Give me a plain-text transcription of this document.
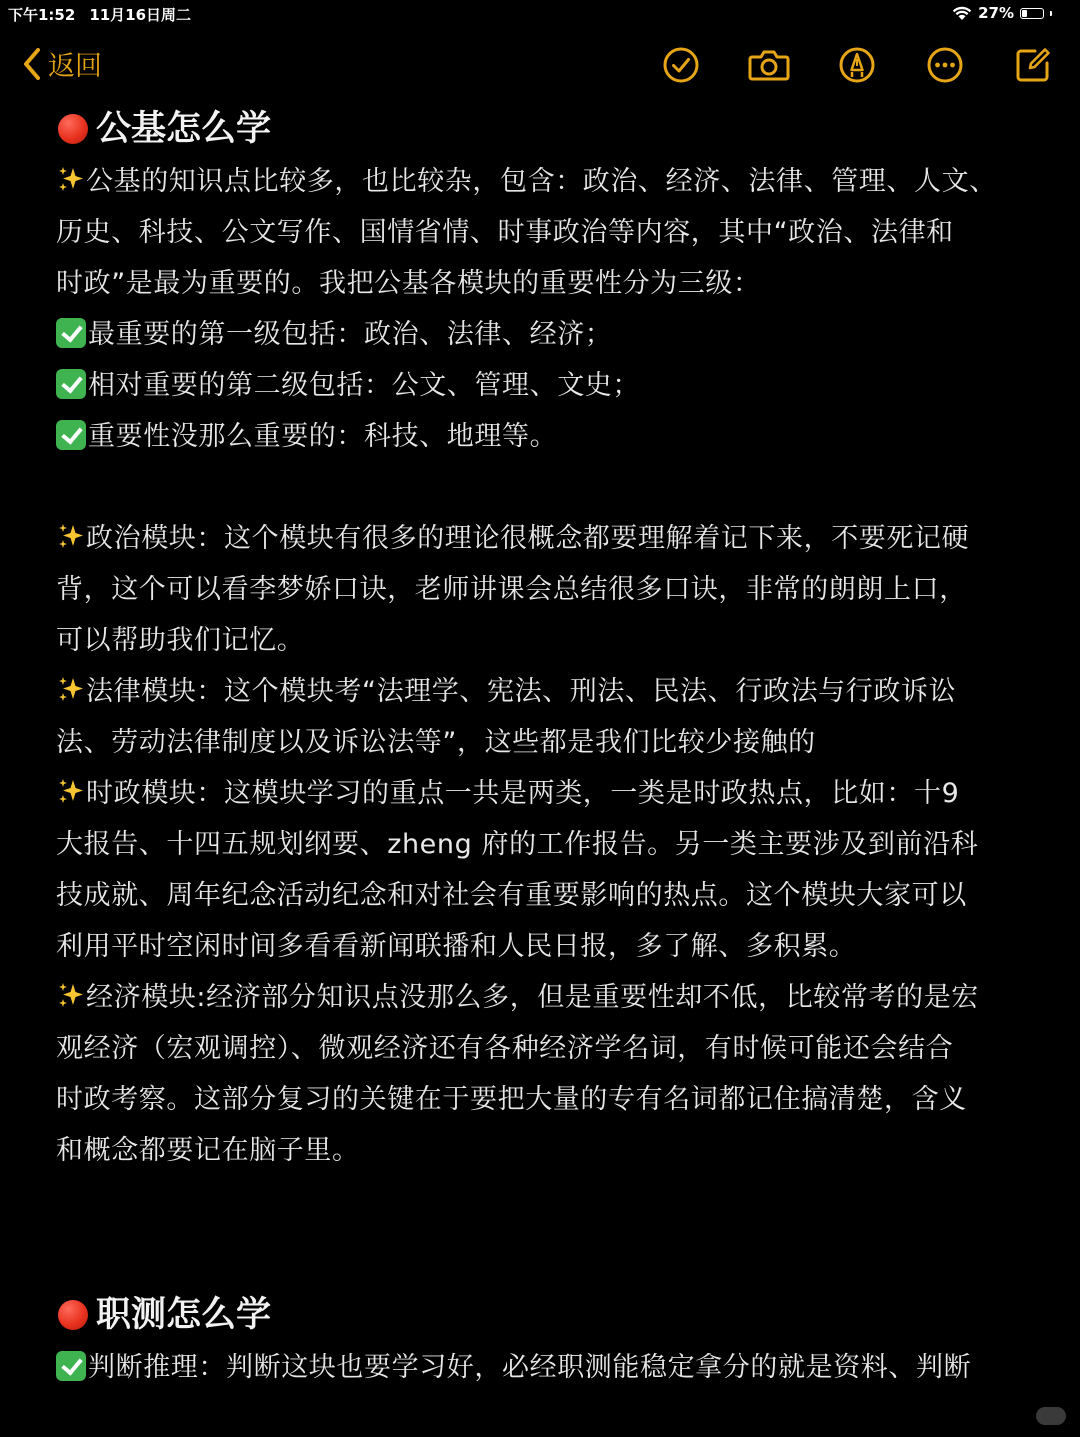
下午1:52 11月16日周二	27%
返回
公基怎么学
公基的知识点比较多，也比较杂，包含：政治、经济、法律、管理、人文、
历史、科技、公文写作、国情省情、时事政治等内容，其中“政治、法律和
时政”是最为重要的。我把公基各模块的重要性分为三级：
最重要的第一级包括：政治、法律、经济；
相对重要的第二级包括：公文、管理、文史；
重要性没那么重要的：科技、地理等。
政治模块：这个模块有很多的理论很概念都要理解着记下来，不要死记硬
背，这个可以看李梦娇口诀，老师讲课会总结很多口诀，非常的朗朗上口，
可以帮助我们记忆。
法律模块：这个模块考“法理学、宪法、刑法、民法、行政法与行政诉讼
法、劳动法律制度以及诉讼法等”，这些都是我们比较少接触的
时政模块：这模块学习的重点一共是两类，一类是时政热点，比如：十9
大报告、十四五规划纲要、zheng 府的工作报告。另一类主要涉及到前沿科
技成就、周年纪念活动纪念和对社会有重要影响的热点。这个模块大家可以
利用平时空闲时间多看看新闻联播和人民日报，多了解、多积累。
经济模块:经济部分知识点没那么多，但是重要性却不低，比较常考的是宏
观经济（宏观调控）、微观经济还有各种经济学名词，有时候可能还会结合
时政考察。这部分复习的关键在于要把大量的专有名词都记住搞清楚，含义
和概念都要记在脑子里。
职测怎么学
判断推理：判断这块也要学习好，必经职测能稳定拿分的就是资料、判断
